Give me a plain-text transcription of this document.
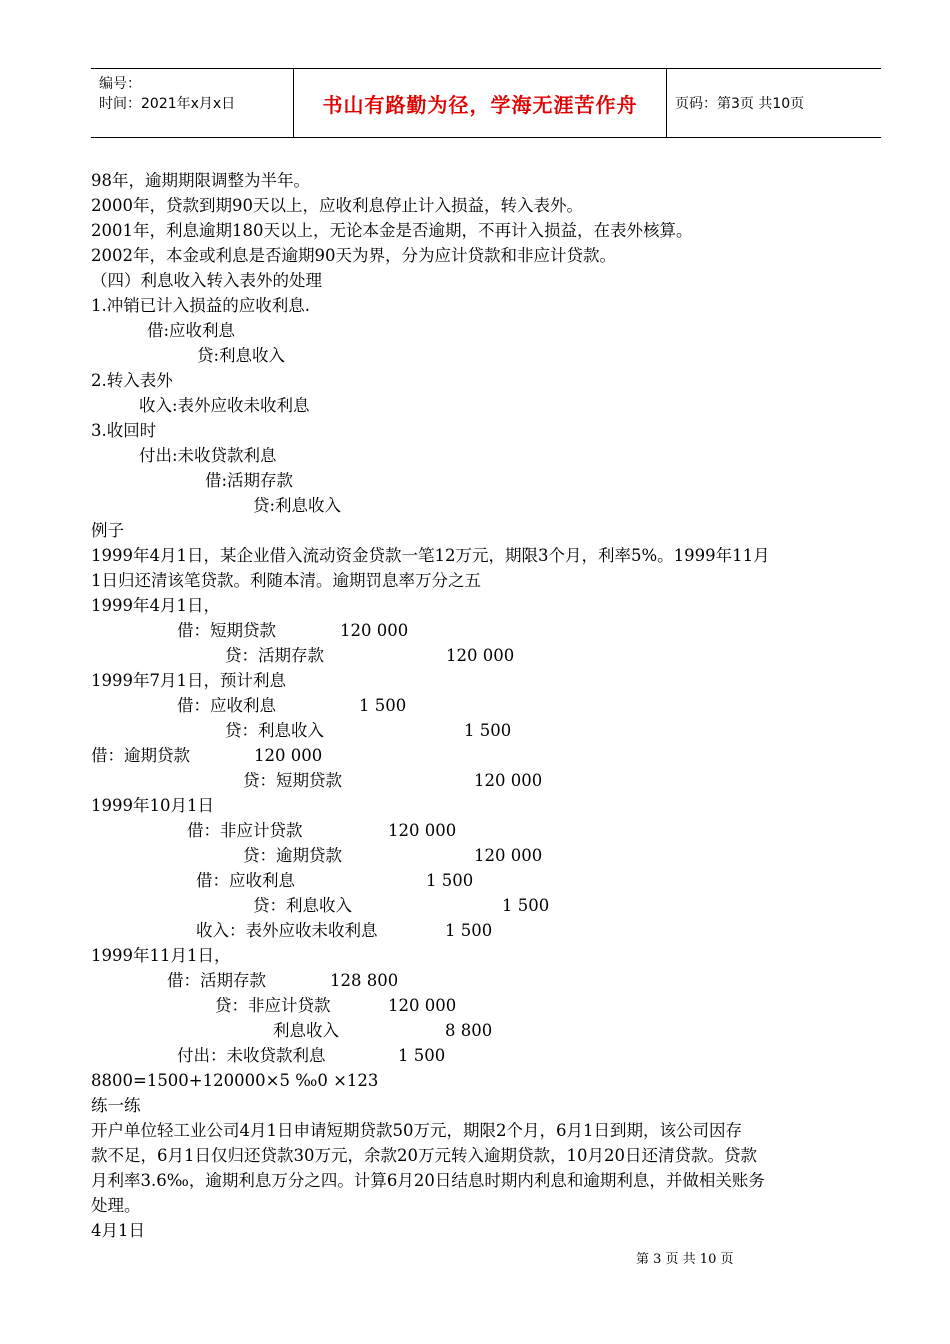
编号：
时间：2021年x月x日	书山有路勤为径，学海无涯苦作舟	页码：第3页 共10页
98年，逾期期限调整为半年。
2000年，贷款到期90天以上，应收利息停止计入损益，转入表外。
2001年，利息逾期180天以上，无论本金是否逾期，不再计入损益，在表外核算。
2002年，本金或利息是否逾期90天为界，分为应计贷款和非应计贷款。
（四）利息收入转入表外的处理
1.冲销已计入损益的应收利息.
借:应收利息
贷:利息收入
2.转入表外
收入:表外应收未收利息
3.收回时
付出:未收贷款利息
借:活期存款
贷:利息收入
例子
1999年4月1日，某企业借入流动资金贷款一笔12万元，期限3个月，利率5%。1999年11月
1日归还清该笔贷款。利随本清。逾期罚息率万分之五
1999年4月1日，
借：短期贷款	120 000
贷：活期存款	120 000
1999年7月1日，预计利息
借：应收利息	1 500
贷：利息收入	1 500
借：逾期贷款	120 000
贷：短期贷款	120 000
1999年10月1日
借：非应计贷款	120 000
贷：逾期贷款	120 000
借：应收利息	1 500
贷：利息收入	1 500
收入：表外应收未收利息	1 500
1999年11月1日，
借：活期存款	128 800
贷：非应计贷款	120 000
利息收入	8 800
付出：未收贷款利息	1 500
8800=1500+120000×5 ‰0 ×123
练一练
开户单位轻工业公司4月1日申请短期贷款50万元，期限2个月，6月1日到期，该公司因存
款不足，6月1日仅归还贷款30万元，余款20万元转入逾期贷款，10月20日还清贷款。贷款
月利率3.6‰，逾期利息万分之四。计算6月20日结息时期内利息和逾期利息，并做相关账务
处理。
4月1日
第 3 页 共 10 页
